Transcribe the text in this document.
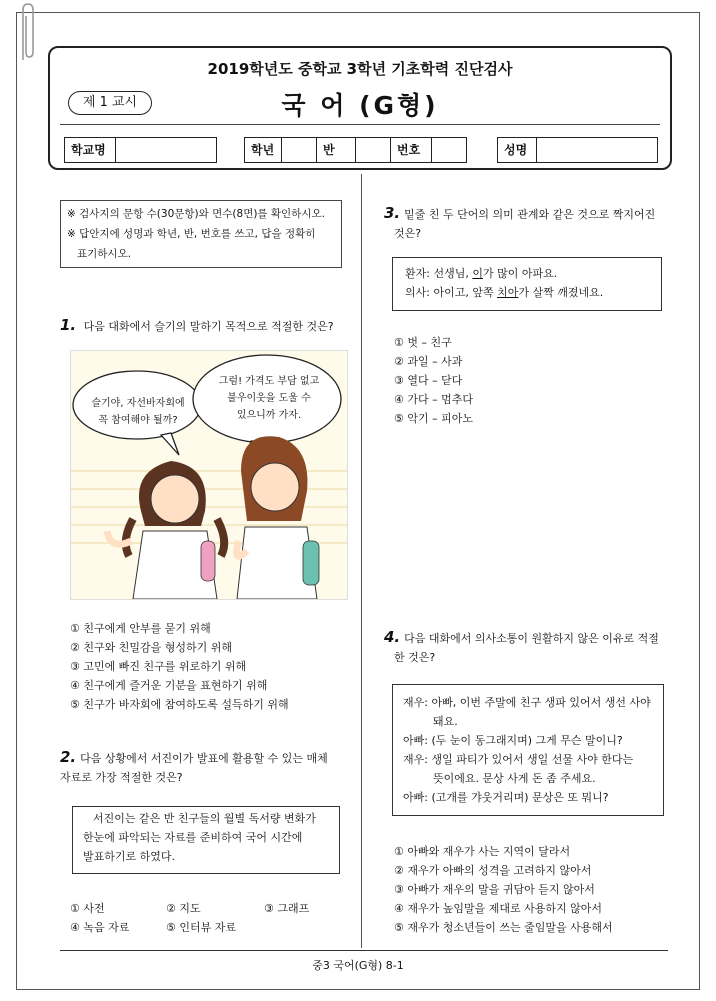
2019학년도 중학교 3학년 기초학력 진단검사
제 1 교시	국 어 (G형)
학교명	학년	반	번호	성명
※ 검사지의 문항 수(30문항)와 면수(8면)를 확인하시오.
※ 답안지에 성명과 학년, 반, 번호를 쓰고, 답을 정확히
표기하시오.
1. 다음 대화에서 슬기의 말하기 목적으로 적절한 것은?
슬기야, 자선바자회에
꼭 참여해야 될까?
그럼! 가격도 부담 없고
불우이웃을 도울 수
있으니까 가자.
① 친구에게 안부를 묻기 위해
② 친구와 친밀감을 형성하기 위해
③ 고민에 빠진 친구를 위로하기 위해
④ 친구에게 즐거운 기분을 표현하기 위해
⑤ 친구가 바자회에 참여하도록 설득하기 위해
2. 다음 상황에서 서진이가 발표에 활용할 수 있는 매체
자료로 가장 적절한 것은?
서진이는 같은 반 친구들의 월별 독서량 변화가
한눈에 파악되는 자료를 준비하여 국어 시간에
발표하기로 하였다.
① 사전	② 지도	③ 그래프
④ 녹음 자료	⑤ 인터뷰 자료
3. 밑줄 친 두 단어의 의미 관계와 같은 것으로 짝지어진
것은?
환자: 선생님, 이가 많이 아파요.
의사: 아이고, 앞쪽 치아가 살짝 깨졌네요.
① 벗 – 친구
② 과일 – 사과
③ 열다 – 닫다
④ 가다 – 멈추다
⑤ 악기 – 피아노
4. 다음 대화에서 의사소통이 원활하지 않은 이유로 적절
한 것은?
재우: 아빠, 이번 주말에 친구 생파 있어서 생선 사야
돼요.
아빠: (두 눈이 동그래지며) 그게 무슨 말이니?
재우: 생일 파티가 있어서 생일 선물 사야 한다는
뜻이에요. 문상 사게 돈 좀 주세요.
아빠: (고개를 갸웃거리며) 문상은 또 뭐니?
① 아빠와 재우가 사는 지역이 달라서
② 재우가 아빠의 성격을 고려하지 않아서
③ 아빠가 재우의 말을 귀담아 듣지 않아서
④ 재우가 높임말을 제대로 사용하지 않아서
⑤ 재우가 청소년들이 쓰는 줄임말을 사용해서
중3 국어(G형) 8-1
